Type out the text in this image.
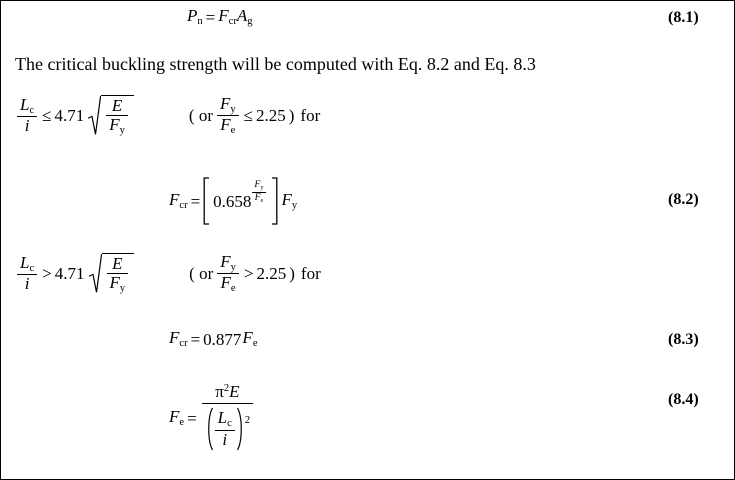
$P_n = F_{cr}A_g$	(8.1)
The critical buckling strength will be computed with Eq. 8.2 and Eq. 8.3
$\frac{L_c}{i} \le 4.71 \frac{E}{F_y}$	( or $\frac{F_y}{F_e} \le 2.25$ ) for
$F_{cr} = 0.658 \frac{F_y}{F_e} F_y$	(8.2)
$\frac{L_c}{i} > 4.71 \frac{E}{F_y}$	( or $\frac{F_y}{F_e} > 2.25$ ) for
$F_{cr} = 0.877$ $F_e$	(8.3)
$F_e$ =
$\pi^2E$
$\frac{L_c}{i} 2$
(8.4)
